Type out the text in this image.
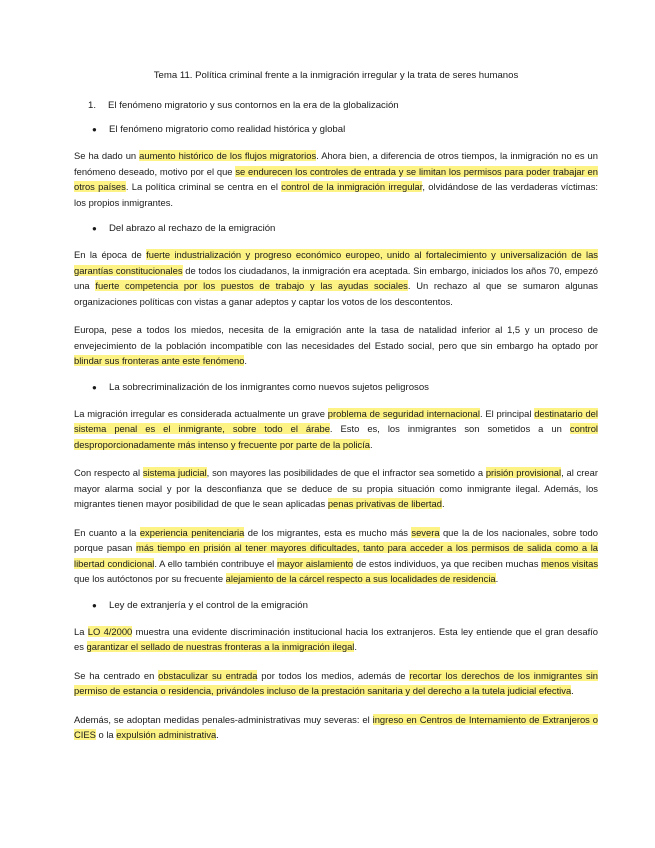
Tema 11. Política criminal frente a la inmigración irregular y la trata de seres humanos
1.	El fenómeno migratorio y sus contornos en la era de la globalización
●	El fenómeno migratorio como realidad histórica y global

Se ha dado un aumento histórico de los flujos migratorios. Ahora bien, a diferencia de otros tiempos, la inmigración no es un fenómeno deseado, motivo por el que se endurecen los controles de entrada y se limitan los permisos para poder trabajar en otros países. La política criminal se centra en el control de la inmigración irregular, olvidándose de las verdaderas víctimas: los propios inmigrantes.

●	Del abrazo al rechazo de la emigración

En la época de fuerte industrialización y progreso económico europeo, unido al fortalecimiento y universalización de las garantías constitucionales de todos los ciudadanos, la inmigración era aceptada. Sin embargo, iniciados los años 70, empezó una fuerte competencia por los puestos de trabajo y las ayudas sociales. Un rechazo al que se sumaron algunas organizaciones políticas con vistas a ganar adeptos y captar los votos de los descontentos.

Europa, pese a todos los miedos, necesita de la emigración ante la tasa de natalidad inferior al 1,5 y un proceso de envejecimiento de la población incompatible con las necesidades del Estado social, pero que sin embargo ha optado por blindar sus fronteras ante este fenómeno.

●	La sobrecriminalización de los inmigrantes como nuevos sujetos peligrosos

La migración irregular es considerada actualmente un grave problema de seguridad internacional. El principal destinatario del sistema penal es el inmigrante, sobre todo el árabe. Esto es, los inmigrantes son sometidos a un control desproporcionadamente más intenso y frecuente por parte de la policía.

Con respecto al sistema judicial, son mayores las posibilidades de que el infractor sea sometido a prisión provisional, al crear mayor alarma social y por la desconfianza que se deduce de su propia situación como inmigrante ilegal. Además, los migrantes tienen mayor posibilidad de que le sean aplicadas penas privativas de libertad.

En cuanto a la experiencia penitenciaria de los migrantes, esta es mucho más severa que la de los nacionales, sobre todo porque pasan más tiempo en prisión al tener mayores dificultades, tanto para acceder a los permisos de salida como a la libertad condicional. A ello también contribuye el mayor aislamiento de estos individuos, ya que reciben muchas menos visitas que los autóctonos por su frecuente alejamiento de la cárcel respecto a sus localidades de residencia.

●	Ley de extranjería y el control de la emigración

La LO 4/2000 muestra una evidente discriminación institucional hacia los extranjeros. Esta ley entiende que el gran desafío es garantizar el sellado de nuestras fronteras a la inmigración ilegal.

Se ha centrado en obstaculizar su entrada por todos los medios, además de recortar los derechos de los inmigrantes sin permiso de estancia o residencia, privándoles incluso de la prestación sanitaria y del derecho a la tutela judicial efectiva.

Además, se adoptan medidas penales-administrativas muy severas: el ingreso en Centros de Internamiento de Extranjeros o CIES o la expulsión administrativa.
